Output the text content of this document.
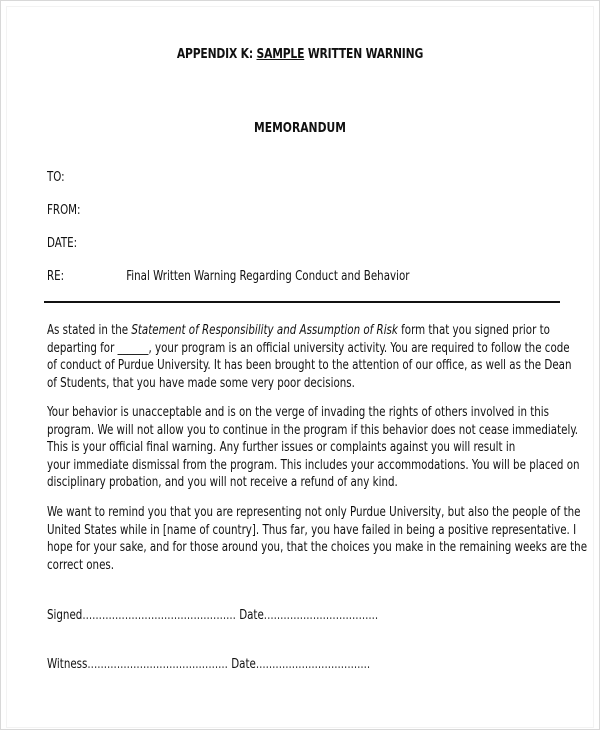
APPENDIX K: SAMPLE WRITTEN WARNING
MEMORANDUM
TO:
FROM:
DATE:
RE:	Final Written Warning Regarding Conduct and Behavior
As stated in the Statement of Responsibility and Assumption of Risk form that you signed prior to
departing for ______, your program is an official university activity. You are required to follow the code
of conduct of Purdue University. It has been brought to the attention of our office, as well as the Dean
of Students, that you have made some very poor decisions.
Your behavior is unacceptable and is on the verge of invading the rights of others involved in this
program. We will not allow you to continue in the program if this behavior does not cease immediately.
This is your official final warning. Any further issues or complaints against you will result in
your immediate dismissal from the program. This includes your accommodations. You will be placed on
disciplinary probation, and you will not receive a refund of any kind.
We want to remind you that you are representing not only Purdue University, but also the people of the
United States while in [name of country]. Thus far, you have failed in being a positive representative. I
hope for your sake, and for those around you, that the choices you make in the remaining weeks are the
correct ones.
Signed............................................... Date...................................
Witness........................................... Date...................................
